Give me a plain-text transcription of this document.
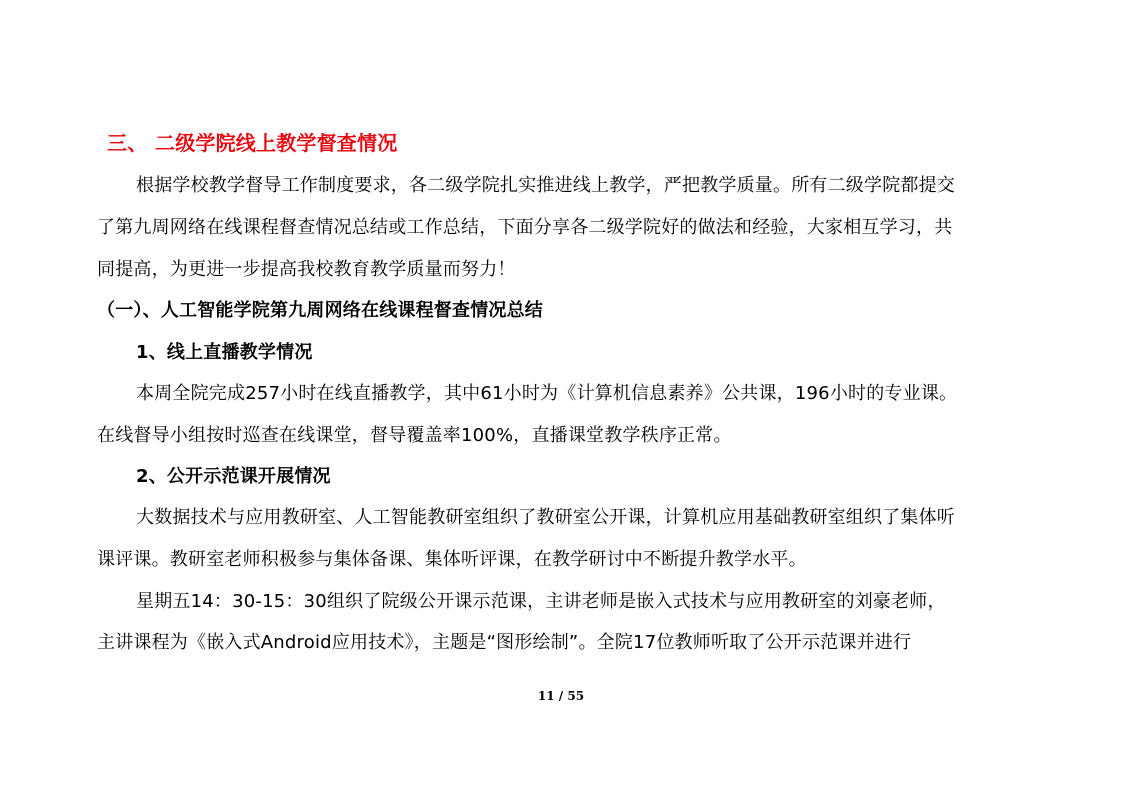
三、 二级学院线上教学督查情况
根据学校教学督导工作制度要求，各二级学院扎实推进线上教学，严把教学质量。所有二级学院都提交
了第九周网络在线课程督查情况总结或工作总结，下面分享各二级学院好的做法和经验，大家相互学习，共
同提高，为更进一步提高我校教育教学质量而努力！
（一）、人工智能学院第九周网络在线课程督查情况总结
1、线上直播教学情况
本周全院完成257小时在线直播教学，其中61小时为《计算机信息素养》公共课，196小时的专业课。
在线督导小组按时巡查在线课堂，督导覆盖率100%，直播课堂教学秩序正常。
2、公开示范课开展情况
大数据技术与应用教研室、人工智能教研室组织了教研室公开课，计算机应用基础教研室组织了集体听
课评课。教研室老师积极参与集体备课、集体听评课，在教学研讨中不断提升教学水平。
星期五14：30-15：30组织了院级公开课示范课，主讲老师是嵌入式技术与应用教研室的刘豪老师，
主讲课程为《嵌入式Android应用技术》，主题是“图形绘制”。全院17位教师听取了公开示范课并进行
11 / 55
